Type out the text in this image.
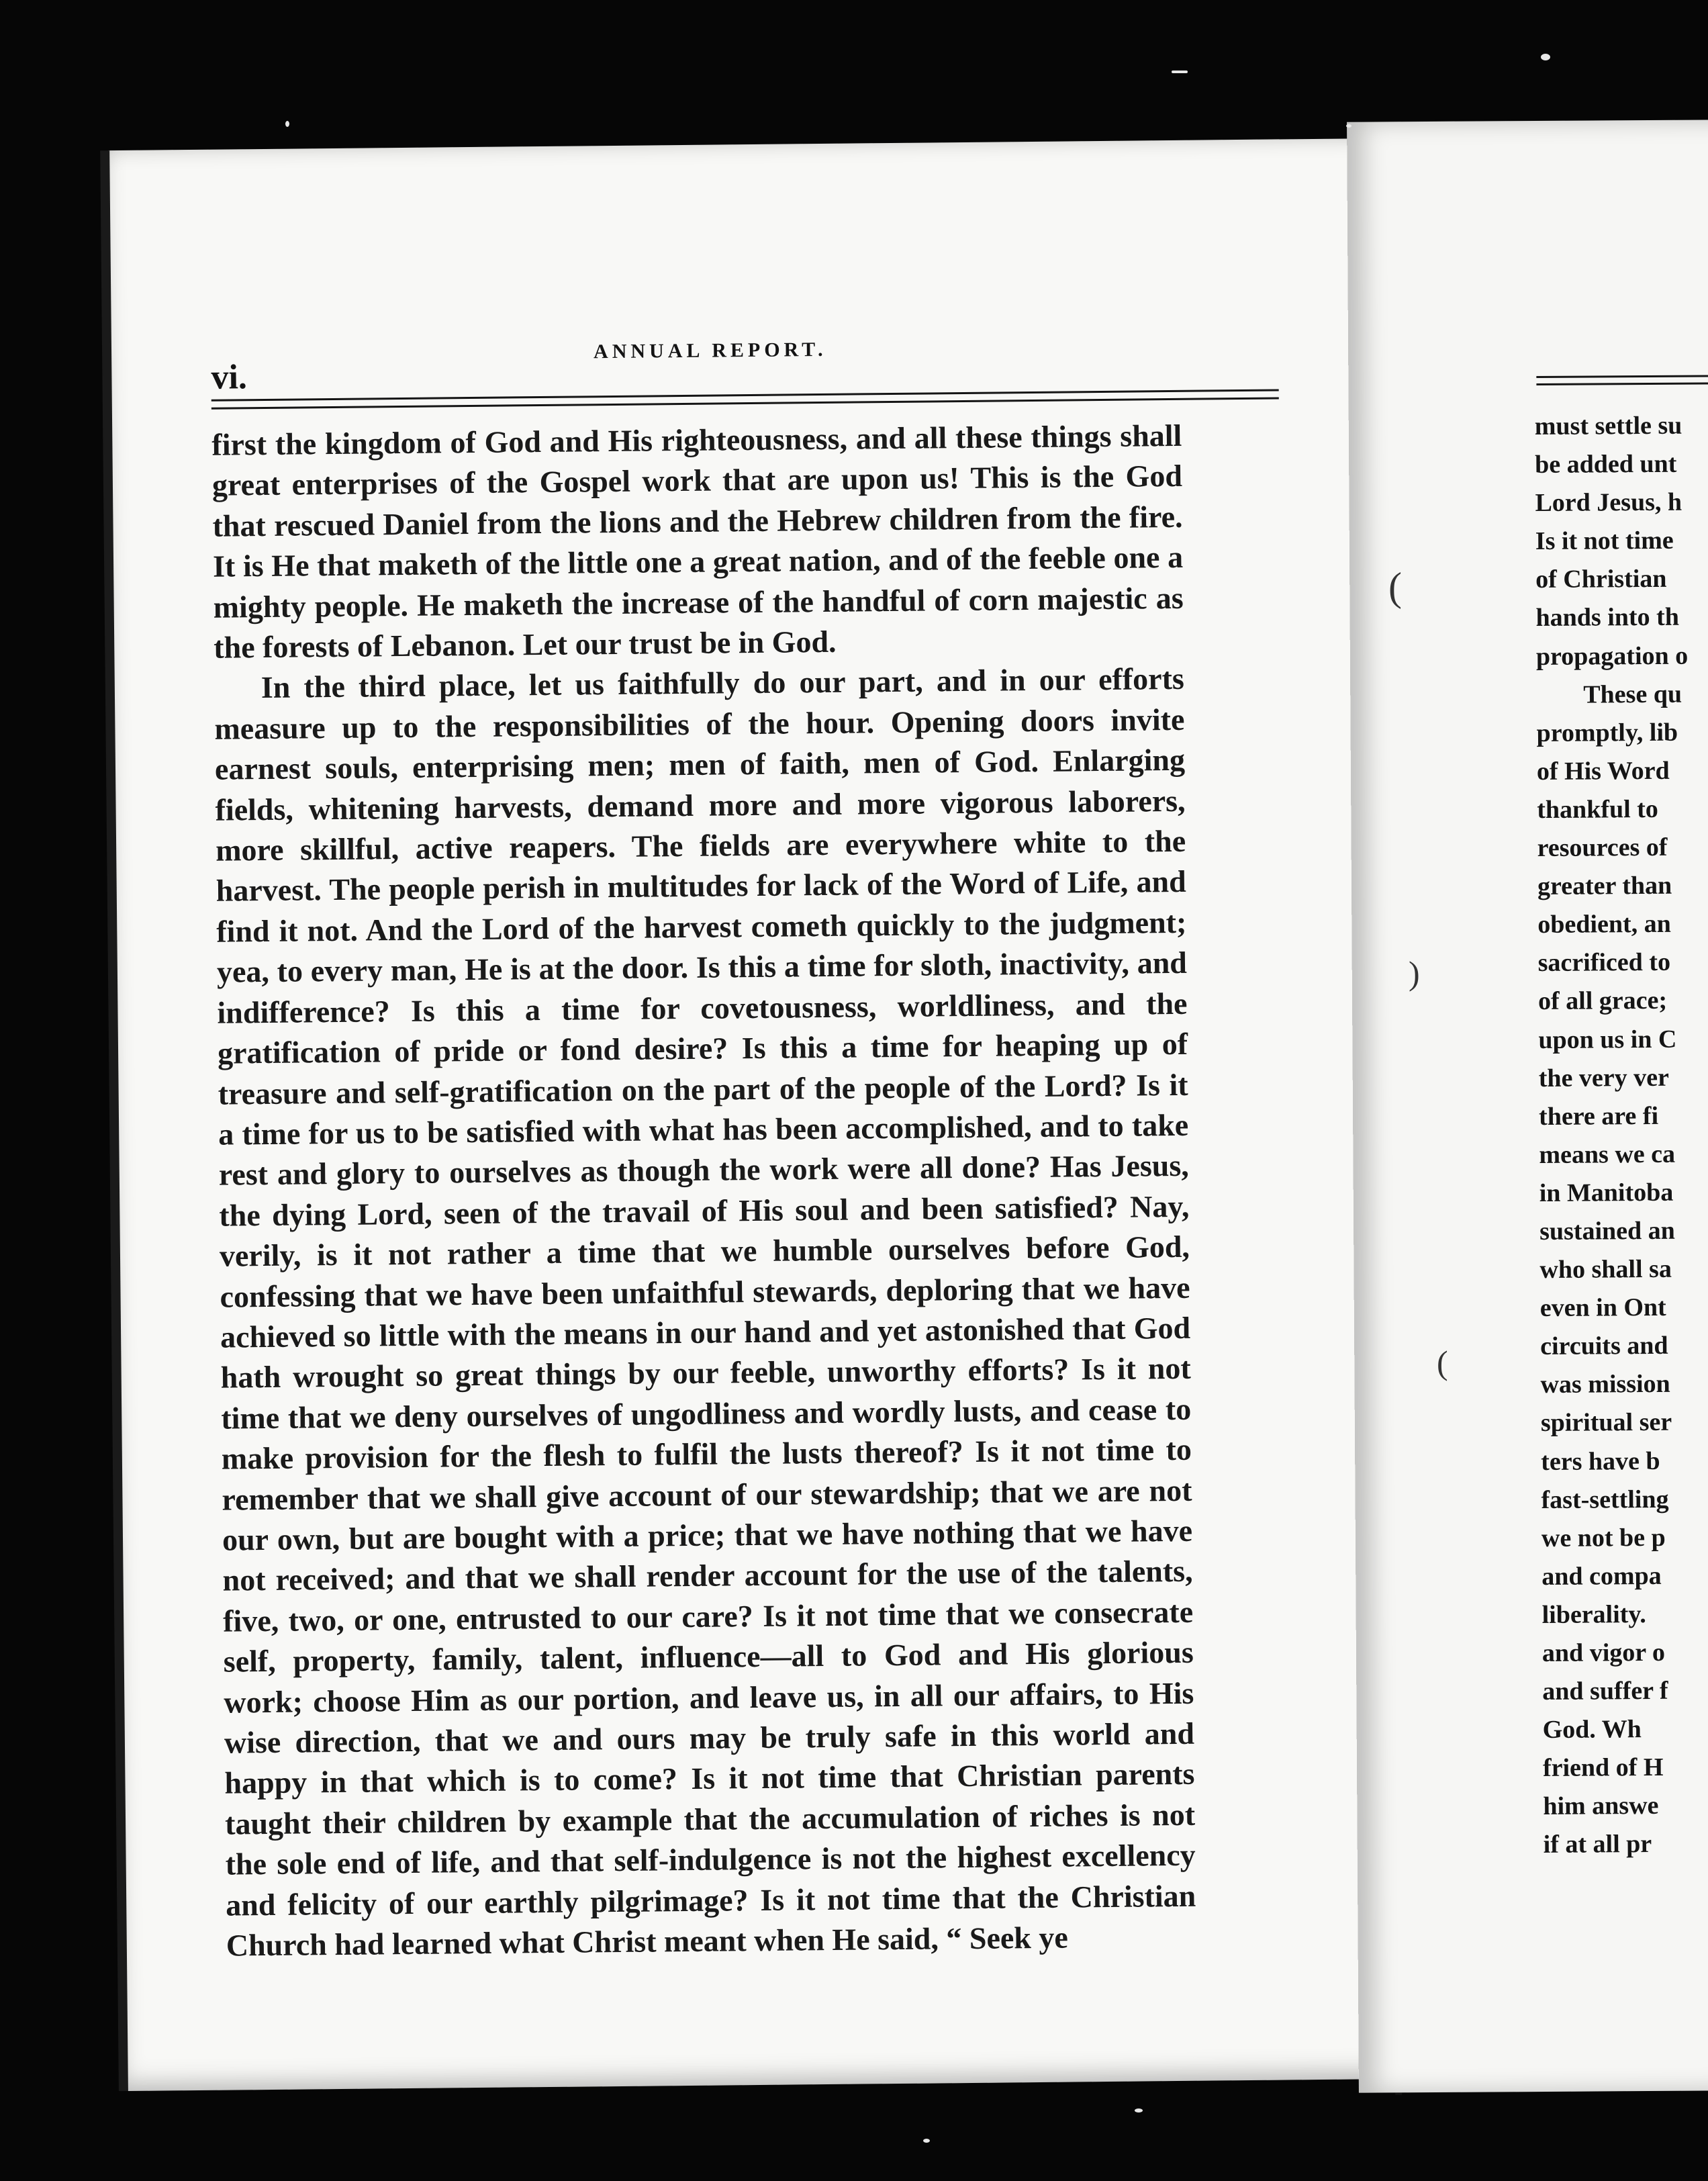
vi.
ANNUAL REPORT.

first the kingdom of God and His righteousness, and all these things shall great enterprises of the Gospel work that are upon us! This is the God that rescued Daniel from the lions and the Hebrew children from the fire. It is He that maketh of the little one a great nation, and of the feeble one a mighty people. He maketh the increase of the handful of corn majestic as the forests of Lebanon. Let our trust be in God.

In the third place, let us faithfully do our part, and in our efforts measure up to the responsibilities of the hour. Opening doors invite earnest souls, enterprising men; men of faith, men of God. Enlarging fields, whitening harvests, demand more and more vigorous laborers, more skillful, active reapers. The fields are everywhere white to the harvest. The people perish in multitudes for lack of the Word of Life, and find it not. And the Lord of the harvest cometh quickly to the judgment; yea, to every man, He is at the door. Is this a time for sloth, inactivity, and indifference? Is this a time for covetousness, worldliness, and the gratification of pride or fond desire? Is this a time for heaping up of treasure and self-gratification on the part of the people of the Lord? Is it a time for us to be satisfied with what has been accomplished, and to take rest and glory to ourselves as though the work were all done? Has Jesus, the dying Lord, seen of the travail of His soul and been satisfied? Nay, verily, is it not rather a time that we humble ourselves before God, confessing that we have been unfaithful stewards, deploring that we have achieved so little with the means in our hand and yet astonished that God hath wrought so great things by our feeble, unworthy efforts? Is it not time that we deny ourselves of ungodliness and wordly lusts, and cease to make provision for the flesh to fulfil the lusts thereof? Is it not time to remember that we shall give account of our stewardship; that we are not our own, but are bought with a price; that we have nothing that we have not received; and that we shall render account for the use of the talents, five, two, or one, entrusted to our care? Is it not time that we consecrate self, property, family, talent, influence—all to God and His glorious work; choose Him as our portion, and leave us, in all our affairs, to His wise direction, that we and ours may be truly safe in this world and happy in that which is to come? Is it not time that Christian parents taught their children by example that the accumulation of riches is not the sole end of life, and that self-indulgence is not the highest excellency and felicity of our earthly pilgrimage? Is it not time that the Christian Church had learned what Christ meant when He said, “ Seek ye

must settle su
be added unt
Lord Jesus, h
Is it not time
of Christian
hands into th
propagation o
These qu
promptly, lib
of His Word
thankful to
resources of
greater than
obedient, an
sacrificed to
of all grace;
upon us in C
the very ver
there are fi
means we ca
in Manitoba
sustained an
who shall sa
even in Ont
circuits and
was mission
spiritual ser
ters have b
fast-settling
we not be p
and compa
liberality.
and vigor o
and suffer f
God. Wh
friend of H
him answe
if at all pr
(
)
(
